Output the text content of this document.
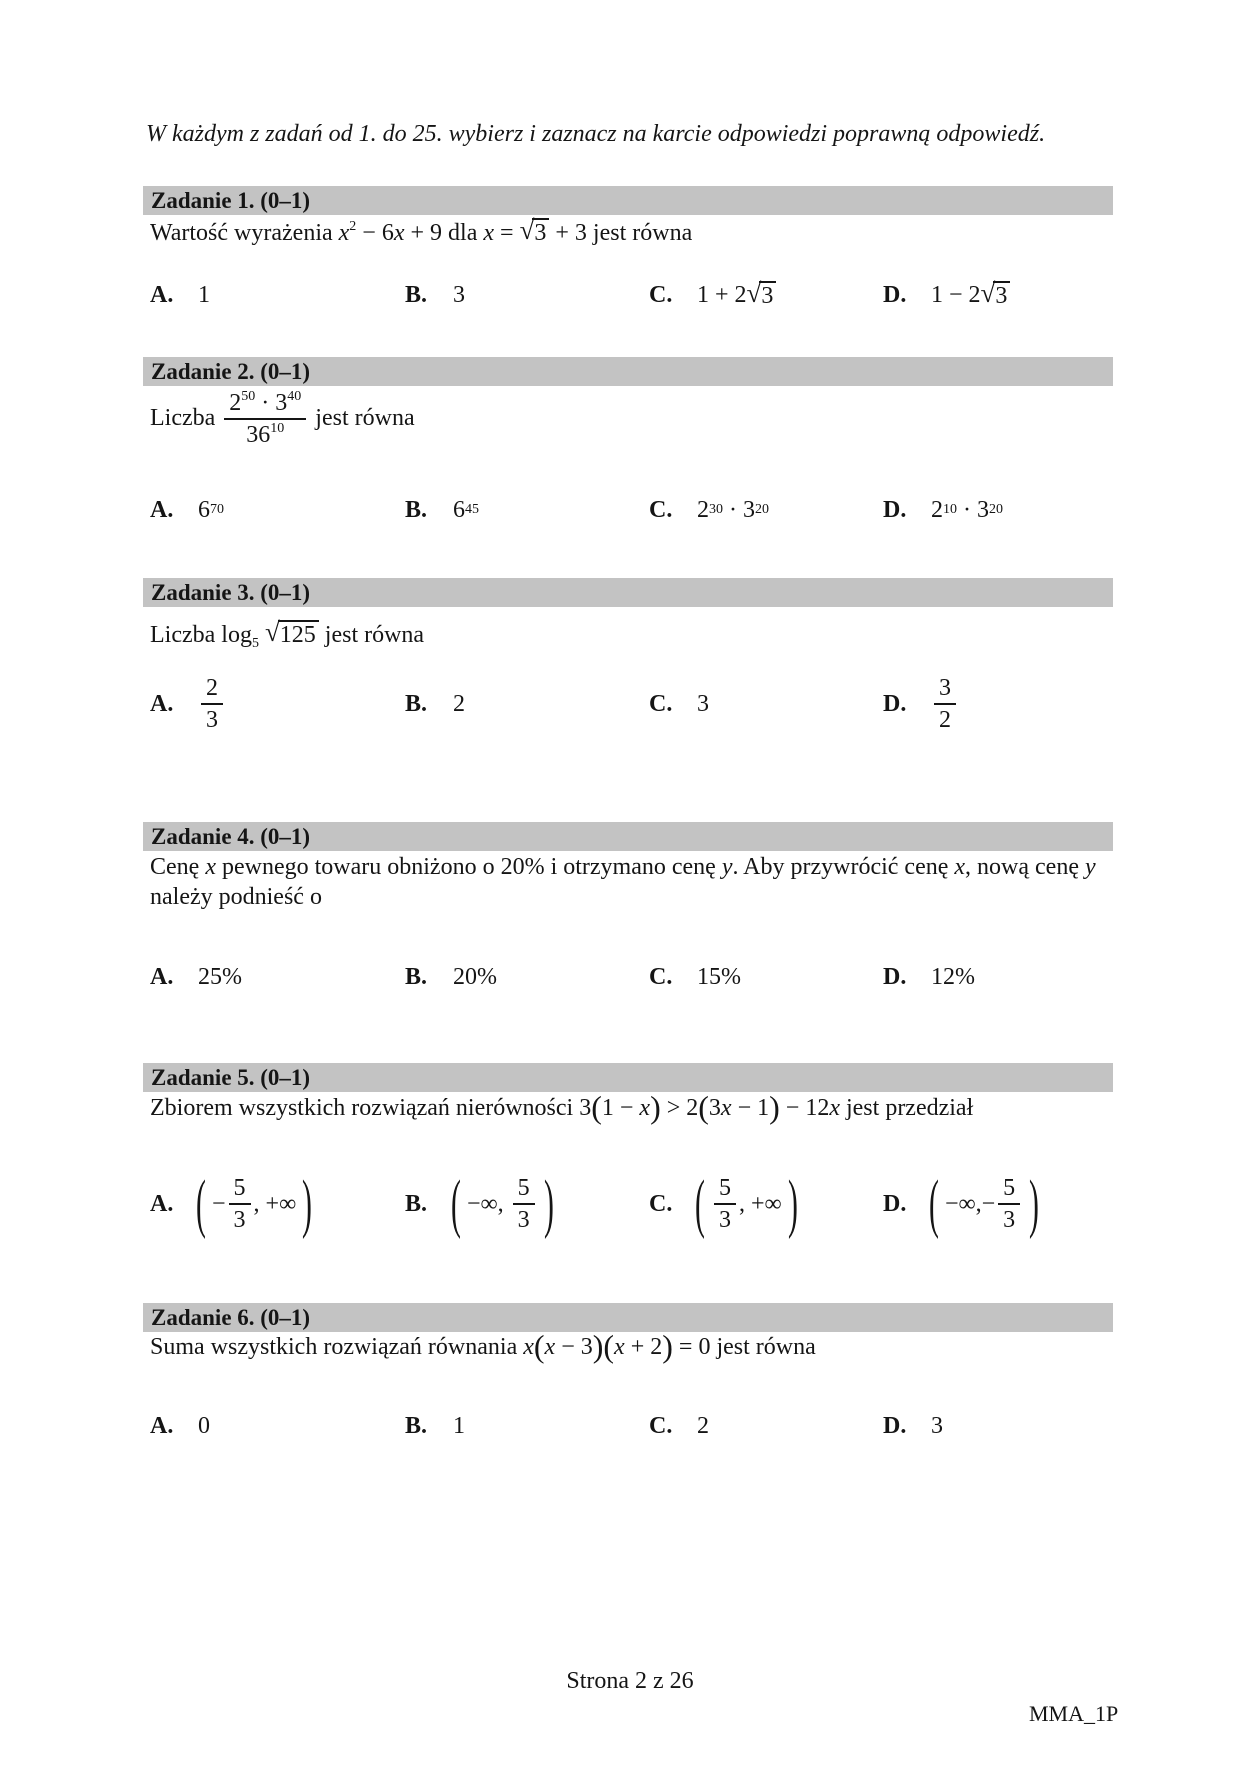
W każdym z zadań od 1. do 25. wybierz i zaznacz na karcie odpowiedzi poprawną odpowiedź.
Zadanie 1. (0–1)
Wartość wyrażenia $x^2 - 6x + 9$ dla x = √ 3 + 3 jest równa
A.	1	B.	3	C.	1 + 2 √ 3	D.	1 − 2 √ 3
Zadanie 2. (0–1)
Liczba $\frac{2^{50} \cdot 3^{40}}{36^{10}}$ jest równa
A.	6 70	B.	6 45	C.	2 30 · 3 20	D.	2 10 · 3 20
Zadanie 3. (0–1)
Liczba $\log_5$ √ 125 jest równa
A.	$\frac{2}{3}$	B.	2	C.	3	D.	$\frac{3}{2}$
Zadanie 4. (0–1)
Cenę x pewnego towaru obniżono o 20% i otrzymano cenę y. Aby przywrócić cenę x, nową cenę y należy podnieść o
A.	25%	B.	20%	C.	15%	D.	12%
Zadanie 5. (0–1)
Zbiorem wszystkich rozwiązań nierówności 3(1 − x) > 2(3x − 1) − 12x jest przedział
A. ( − $\frac{5}{3}$ , +∞ )	B. ( −∞, $\frac{5}{3}$ )	C. ( $\frac{5}{3}$ , +∞ )	D. ( −∞,− $\frac{5}{3}$ )
Zadanie 6. (0–1)
Suma wszystkich rozwiązań równania x(x − 3)(x + 2) = 0 jest równa
A.	0	B.	1	C.	2	D.	3
Strona 2 z 26
MMA_1P
